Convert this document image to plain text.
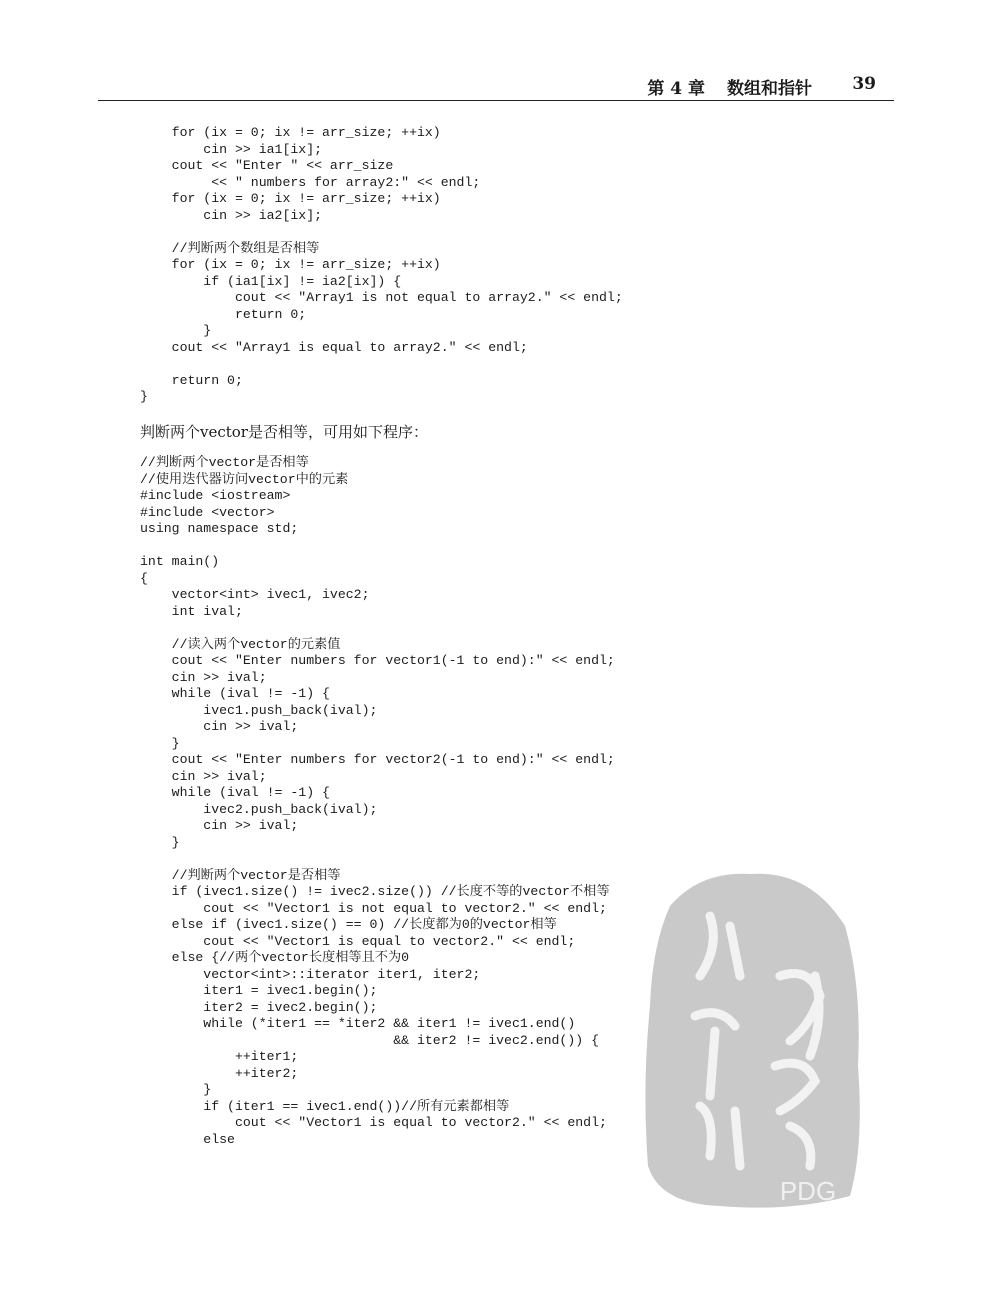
第 4 章 数组和指针 39
for (ix = 0; ix != arr_size; ++ix)
cin >> ia1[ix];
cout << "Enter " << arr_size
<< " numbers for array2:" << endl;
for (ix = 0; ix != arr_size; ++ix)
cin >> ia2[ix];

//判断两个数组是否相等
for (ix = 0; ix != arr_size; ++ix)
if (ia1[ix] != ia2[ix]) {
cout << "Array1 is not equal to array2." << endl;
return 0;
}
cout << "Array1 is equal to array2." << endl;

return 0;
}
判断两个vector是否相等，可用如下程序：
//判断两个vector是否相等
//使用迭代器访问vector中的元素
#include <iostream>
#include <vector>
using namespace std;

int main()
{
vector<int> ivec1, ivec2;
int ival;

//读入两个vector的元素值
cout << "Enter numbers for vector1(-1 to end):" << endl;
cin >> ival;
while (ival != -1) {
ivec1.push_back(ival);
cin >> ival;
}
cout << "Enter numbers for vector2(-1 to end):" << endl;
cin >> ival;
while (ival != -1) {
ivec2.push_back(ival);
cin >> ival;
}

//判断两个vector是否相等
if (ivec1.size() != ivec2.size()) //长度不等的vector不相等
cout << "Vector1 is not equal to vector2." << endl;
else if (ivec1.size() == 0) //长度都为0的vector相等
cout << "Vector1 is equal to vector2." << endl;
else {//两个vector长度相等且不为0
vector<int>::iterator iter1, iter2;
iter1 = ivec1.begin();
iter2 = ivec2.begin();
while (*iter1 == *iter2 && iter1 != ivec1.end()
&& iter2 != ivec2.end()) {
++iter1;
++iter2;
}
if (iter1 == ivec1.end())//所有元素都相等
cout << "Vector1 is equal to vector2." << endl;
else
PDG
